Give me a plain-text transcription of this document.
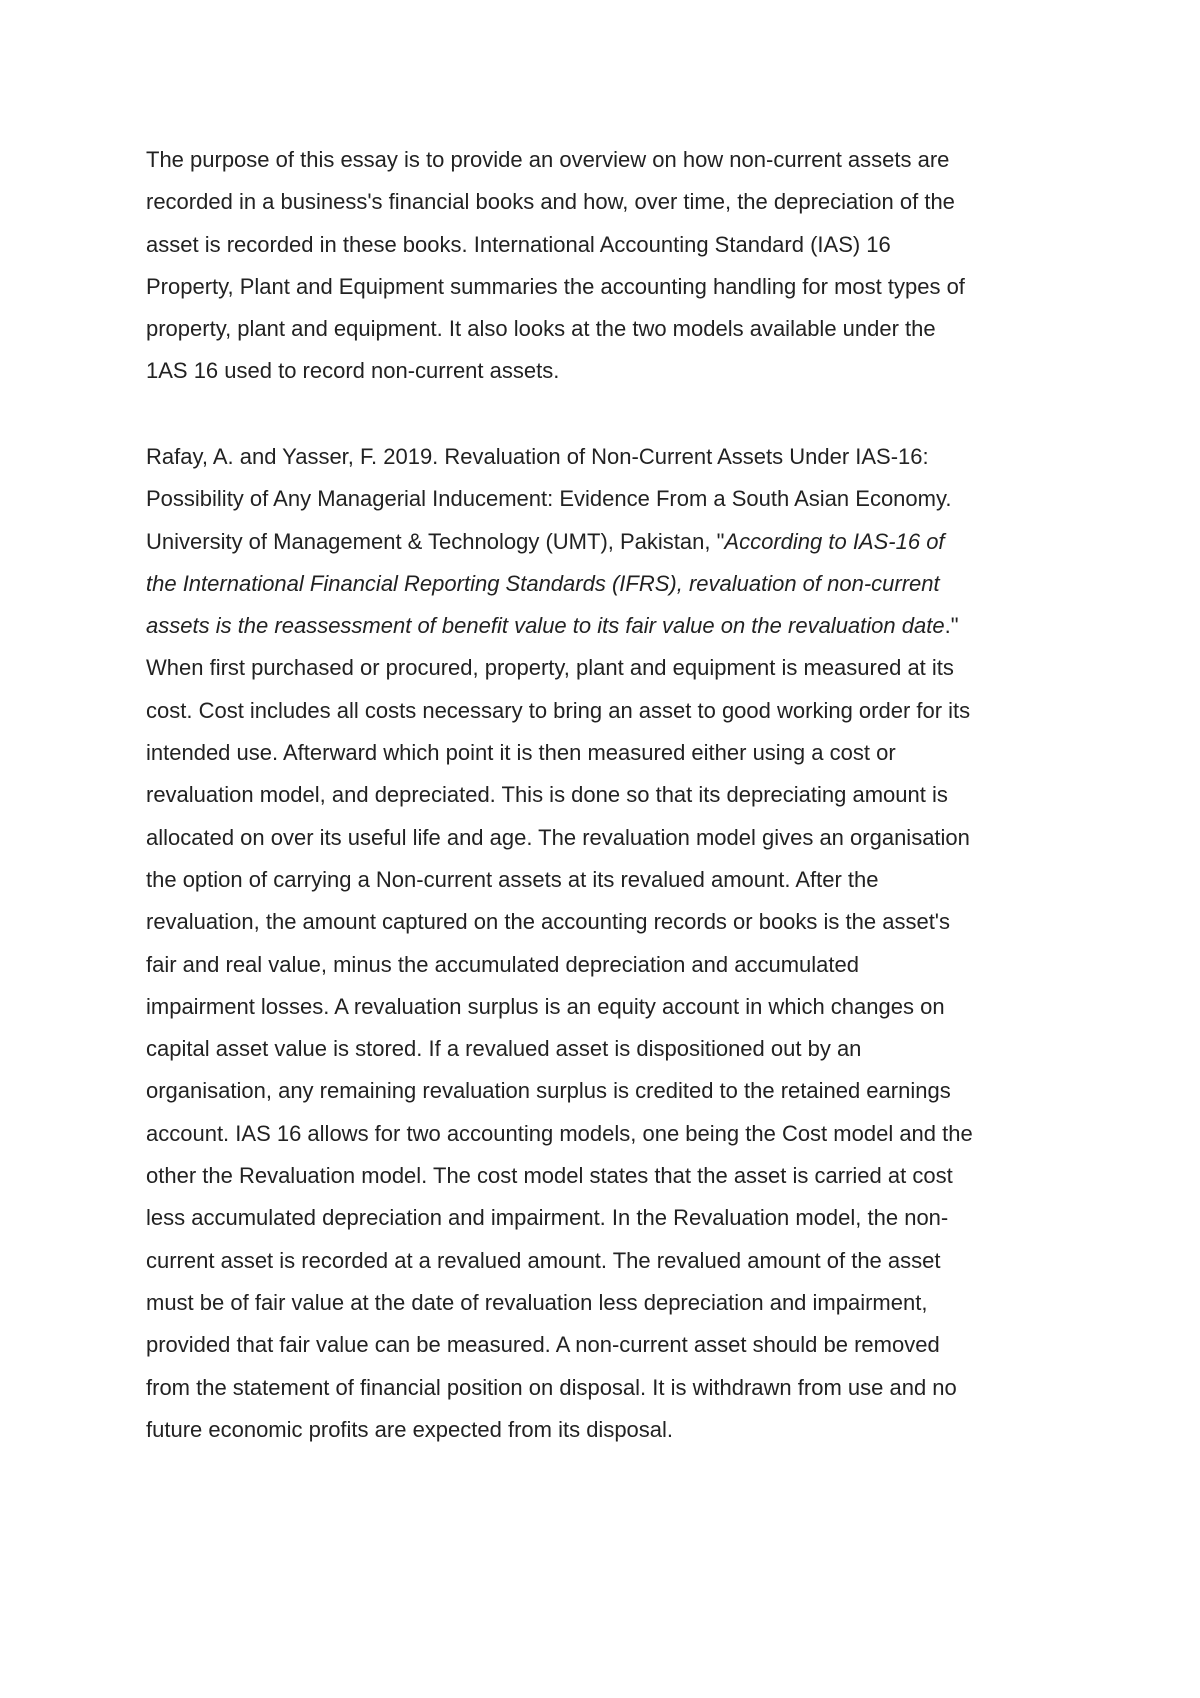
The purpose of this essay is to provide an overview on how non-current assets are
recorded in a business's financial books and how, over time, the depreciation of the
asset is recorded in these books. International Accounting Standard (IAS) 16
Property, Plant and Equipment summaries the accounting handling for most types of
property, plant and equipment. It also looks at the two models available under the
1AS 16 used to record non-current assets.
Rafay, A. and Yasser, F. 2019. Revaluation of Non-Current Assets Under IAS-16:
Possibility of Any Managerial Inducement: Evidence From a South Asian Economy.
University of Management & Technology (UMT), Pakistan, "According to IAS-16 of
the International Financial Reporting Standards (IFRS), revaluation of non-current
assets is the reassessment of benefit value to its fair value on the revaluation date."
When first purchased or procured, property, plant and equipment is measured at its
cost. Cost includes all costs necessary to bring an asset to good working order for its
intended use. Afterward which point it is then measured either using a cost or
revaluation model, and depreciated. This is done so that its depreciating amount is
allocated on over its useful life and age. The revaluation model gives an organisation
the option of carrying a Non-current assets at its revalued amount. After the
revaluation, the amount captured on the accounting records or books is the asset's
fair and real value, minus the accumulated depreciation and accumulated
impairment losses. A revaluation surplus is an equity account in which changes on
capital asset value is stored. If a revalued asset is dispositioned out by an
organisation, any remaining revaluation surplus is credited to the retained earnings
account. IAS 16 allows for two accounting models, one being the Cost model and the
other the Revaluation model. The cost model states that the asset is carried at cost
less accumulated depreciation and impairment. In the Revaluation model, the non-
current asset is recorded at a revalued amount. The revalued amount of the asset
must be of fair value at the date of revaluation less depreciation and impairment,
provided that fair value can be measured. A non-current asset should be removed
from the statement of financial position on disposal. It is withdrawn from use and no
future economic profits are expected from its disposal.
